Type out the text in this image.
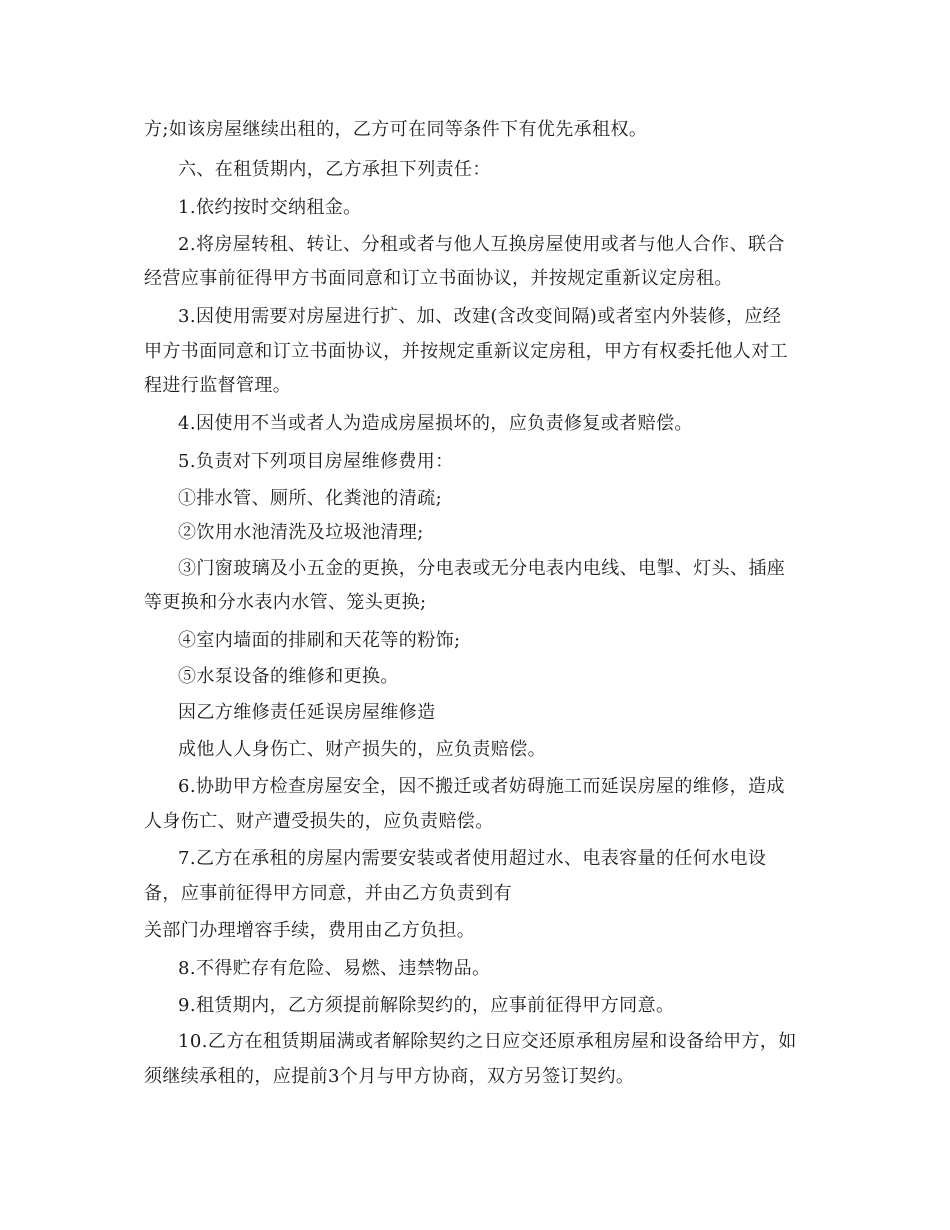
方;如该房屋继续出租的，乙方可在同等条件下有优先承租权。
六、在租赁期内，乙方承担下列责任：
1.依约按时交纳租金。
2.将房屋转租、转让、分租或者与他人互换房屋使用或者与他人合作、联合
经营应事前征得甲方书面同意和订立书面协议，并按规定重新议定房租。
3.因使用需要对房屋进行扩、加、改建(含改变间隔)或者室内外装修，应经
甲方书面同意和订立书面协议，并按规定重新议定房租，甲方有权委托他人对工
程进行监督管理。
4.因使用不当或者人为造成房屋损坏的，应负责修复或者赔偿。
5.负责对下列项目房屋维修费用：
①排水管、厕所、化粪池的清疏;
②饮用水池清洗及垃圾池清理;
③门窗玻璃及小五金的更换，分电表或无分电表内电线、电掣、灯头、插座
等更换和分水表内水管、笼头更换;
④室内墙面的排刷和天花等的粉饰;
⑤水泵设备的维修和更换。
因乙方维修责任延误房屋维修造
成他人人身伤亡、财产损失的，应负责赔偿。
6.协助甲方检查房屋安全，因不搬迁或者妨碍施工而延误房屋的维修，造成
人身伤亡、财产遭受损失的，应负责赔偿。
7.乙方在承租的房屋内需要安装或者使用超过水、电表容量的任何水电设
备，应事前征得甲方同意，并由乙方负责到有
关部门办理增容手续，费用由乙方负担。
8.不得贮存有危险、易燃、违禁物品。
9.租赁期内，乙方须提前解除契约的，应事前征得甲方同意。
10.乙方在租赁期届满或者解除契约之日应交还原承租房屋和设备给甲方，如
须继续承租的，应提前3个月与甲方协商，双方另签订契约。
